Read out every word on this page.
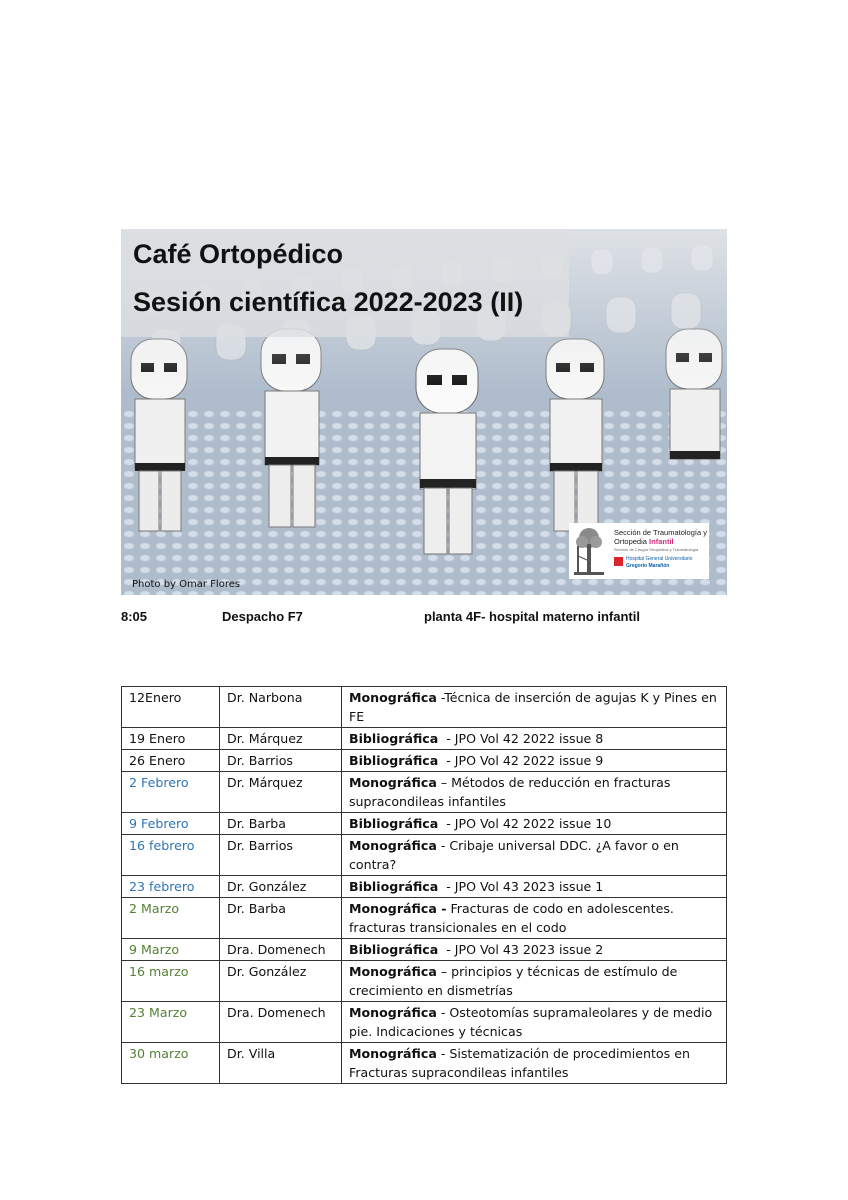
Café Ortopédico
Sesión científica 2022-2023 (II)
Sección de Traumatología y
Ortopedia Infantil
Servicio de Cirugía Ortopédica y Traumatología
Hospital General Universitario
Gregorio Marañón
Photo by Omar Flores
8:05	Despacho F7	planta 4F- hospital materno infantil
12Enero	Dr. Narbona	Monográfica -Técnica de inserción de agujas K y Pines en FE
19 Enero	Dr. Márquez	Bibliográfica  - JPO Vol 42 2022 issue 8
26 Enero	Dr. Barrios	Bibliográfica  - JPO Vol 42 2022 issue 9
2 Febrero	Dr. Márquez	Monográfica – Métodos de reducción en fracturas supracondileas infantiles
9 Febrero	Dr. Barba	Bibliográfica  - JPO Vol 42 2022 issue 10
16 febrero	Dr. Barrios	Monográfica - Cribaje universal DDC. ¿A favor o en contra?
23 febrero	Dr. González	Bibliográfica  - JPO Vol 43 2023 issue 1
2 Marzo	Dr. Barba	Monográfica - Fracturas de codo en adolescentes. fracturas transicionales en el codo
9 Marzo	Dra. Domenech	Bibliográfica  - JPO Vol 43 2023 issue 2
16 marzo	Dr. González	Monográfica – principios y técnicas de estímulo de crecimiento en dismetrías
23 Marzo	Dra. Domenech	Monográfica - Osteotomías supramaleolares y de medio pie. Indicaciones y técnicas
30 marzo	Dr. Villa	Monográfica - Sistematización de procedimientos en Fracturas supracondileas infantiles
